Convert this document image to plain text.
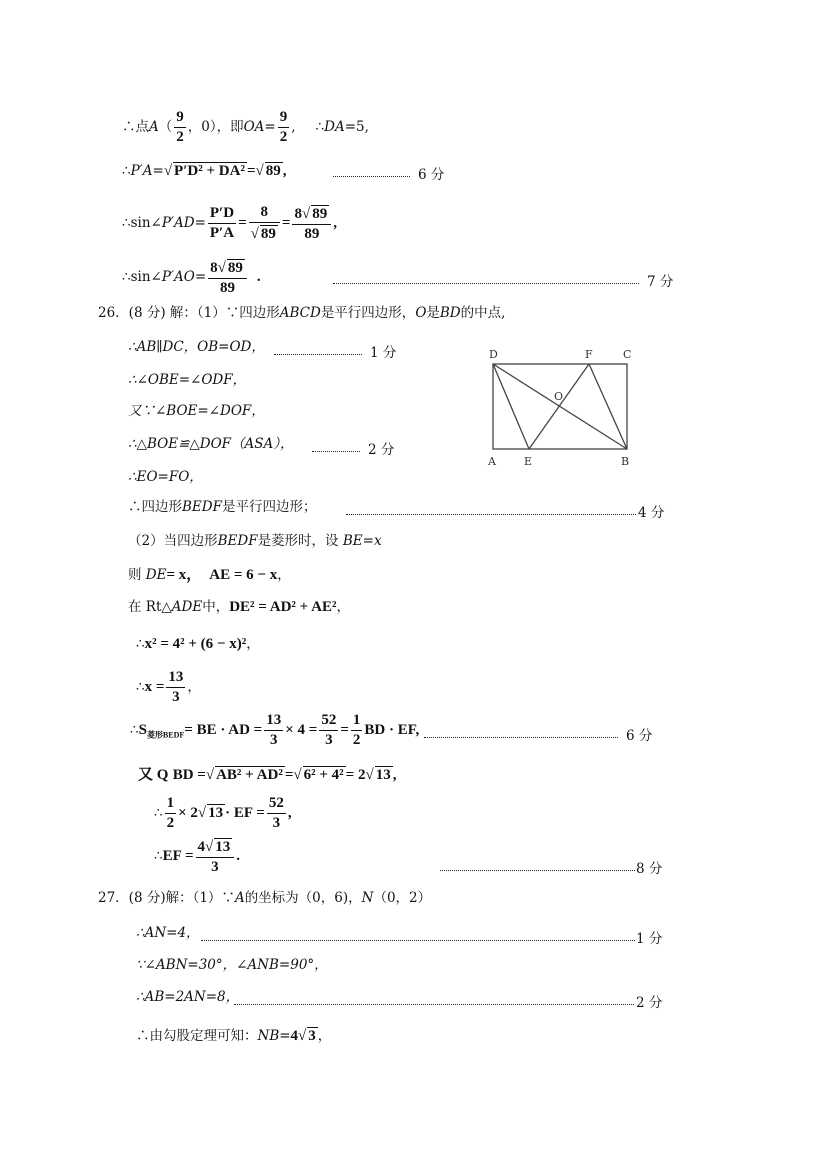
∴点$A( \frac{9}{2}$ ，0），即$OA= \frac{9}{2}$ , ∴DA=5,
∴P′A=√ P′D² + DA² =√ 89 ,	6 分
∴sin∠P′AD= $\frac{P'D}{P'A} = \frac{8}{√ 89} = \frac{8√ 89}{89}$ ,
∴sin∠P′AO= $\frac{8√ 89}{89}$ .	7 分
26．(8 分) 解：（1）∵四边形ABCD是平行四边形，O是BD的中点,
∴AB∥DC，OB=OD，	1 分
∴∠OBE=∠ODF，
又∵∠BOE=∠DOF，
∴△BOE≌△DOF（ASA），	2 分
∴EO=FO，
∴四边形BEDF是平行四边形；	4 分
D	F	C
O
A	E	B
（2）当四边形BEDF是菱形时，设 BE=x
则 DE= x， AE = 6 − x，
在 Rt△ADE中，DE² = AD² + AE²，
∴x² = 4² + (6 − x)²，
∴x = $\frac{13}{3}$ ，
$\therefore S_{菱形BEDF}=$ BE · AD = $\frac{13}{3} \times 4 = \frac{52}{3} = \frac{1}{2}$ BD · EF,	6 分
又 Q BD =√ AB² + AD² =√ 6² + 4² = 2√ 13 ,
∴ $\frac{1}{2} \times 2√$ 13 · EF = $\frac{52}{3}$ ,
∴EF = $\frac{4√ 13}{3}$ .
8 分
27．(8 分)解：（1）∵A的坐标为（0，6)，N（0，2）
∴AN=4，	1 分
∵∠ABN=30°，∠ANB=90°，
∴AB=2AN=8，	2 分
∴由勾股定理可知：NB=4√ 3 ，
